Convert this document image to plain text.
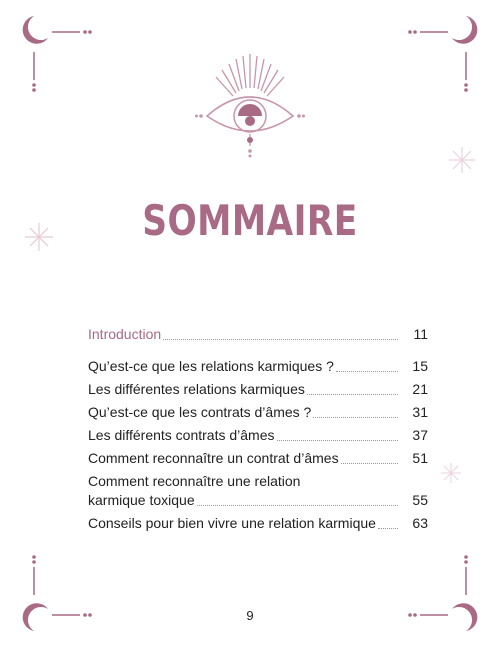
SOMMAIRE
Introduction	11
Qu’est-ce que les relations karmiques ?	15
Les différentes relations karmiques	21
Qu’est-ce que les contrats d’âmes ?	31
Les différents contrats d’âmes	37
Comment reconnaître un contrat d’âmes	51
Comment reconnaître une relation
karmique toxique	55
Conseils pour bien vivre une relation karmique	63
9
